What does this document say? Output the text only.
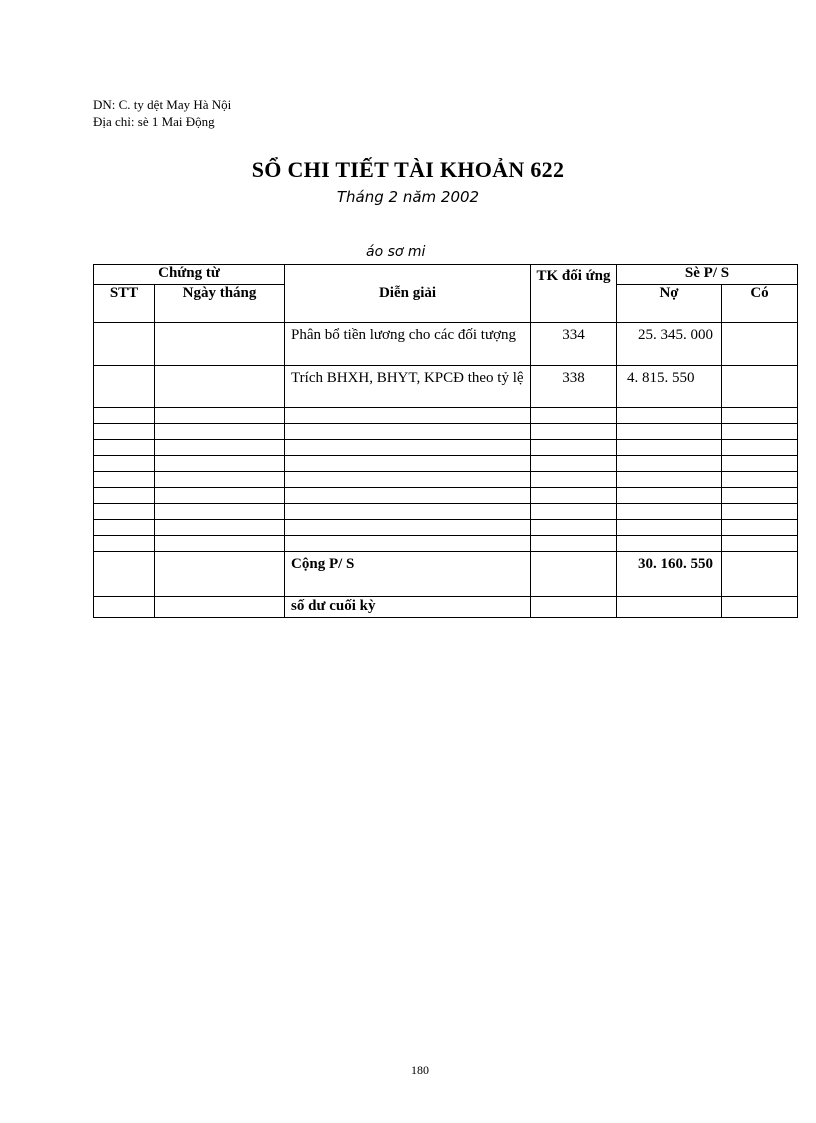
DN: C. ty dệt May Hà Nội
Địa chỉ: sè 1 Mai Động
SỔ CHI TIẾT TÀI KHOẢN 622
Tháng 2 năm 2002
áo sơ mi
Chứng từ		Diễn giải	TK đối ứng	Sè P/ S	
STT	Ngày tháng			Nợ	Có
		Phân bổ tiền lương cho các đối tượng	334	25. 345. 000	
		Trích BHXH, BHYT, KPCĐ theo tỷ lệ	338	4. 815. 550	

		Cộng P/ S		30. 160. 550	
		số dư cuối kỳ			
180
